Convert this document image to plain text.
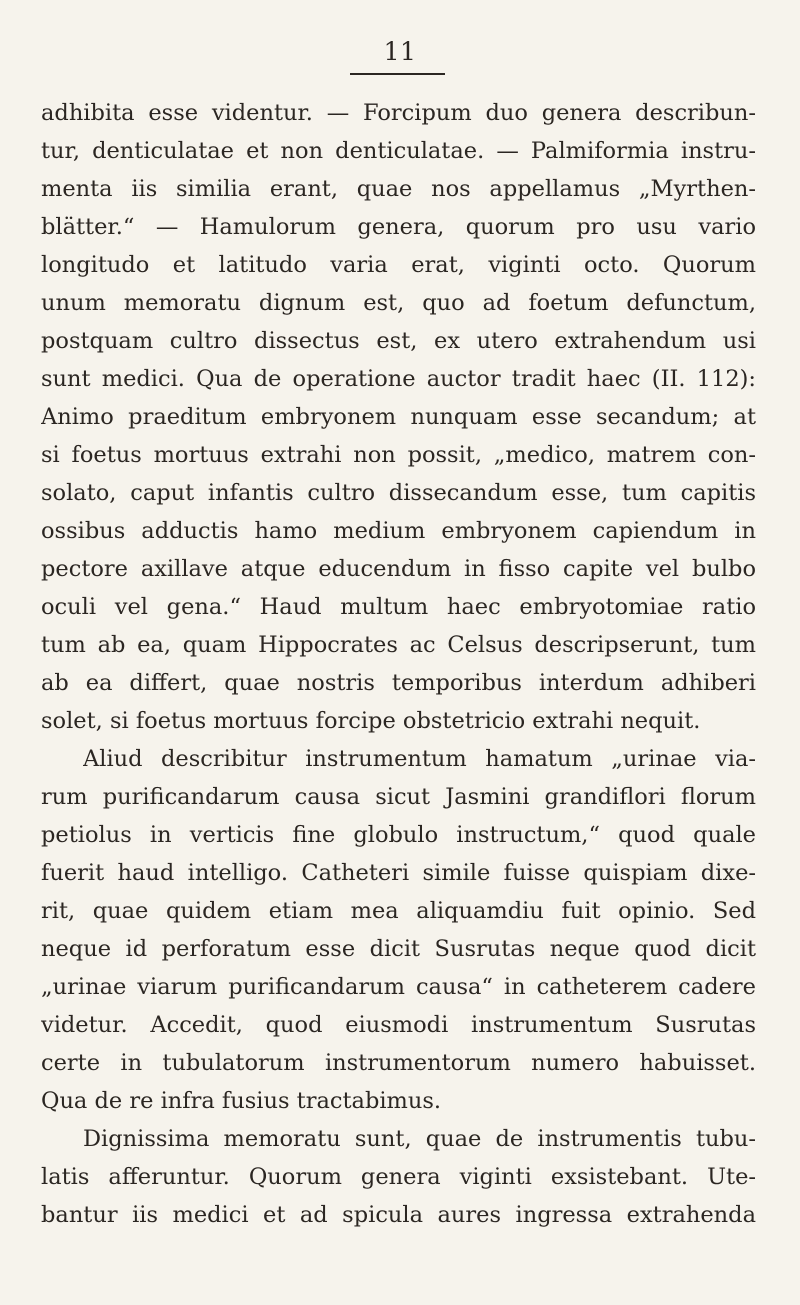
11
adhibita esse videntur. — Forcipum duo genera describun-
tur, denticulatae et non denticulatae. — Palmiformia instru-
menta iis similia erant, quae nos appellamus „Myrthen-
blätter.“ — Hamulorum genera, quorum pro usu vario
longitudo et latitudo varia erat, viginti octo. Quorum
unum memoratu dignum est, quo ad foetum defunctum,
postquam cultro dissectus est, ex utero extrahendum usi
sunt medici. Qua de operatione auctor tradit haec (II. 112):
Animo praeditum embryonem nunquam esse secandum; at
si foetus mortuus extrahi non possit, „medico, matrem con-
solato, caput infantis cultro dissecandum esse, tum capitis
ossibus adductis hamo medium embryonem capiendum in
pectore axillave atque educendum in fisso capite vel bulbo
oculi vel gena.“ Haud multum haec embryotomiae ratio
tum ab ea, quam Hippocrates ac Celsus descripserunt, tum
ab ea differt, quae nostris temporibus interdum adhiberi
solet, si foetus mortuus forcipe obstetricio extrahi nequit.
Aliud describitur instrumentum hamatum „urinae via-
rum purificandarum causa sicut Jasmini grandiflori florum
petiolus in verticis fine globulo instructum,“ quod quale
fuerit haud intelligo. Catheteri simile fuisse quispiam dixe-
rit, quae quidem etiam mea aliquamdiu fuit opinio. Sed
neque id perforatum esse dicit Susrutas neque quod dicit
„urinae viarum purificandarum causa“ in catheterem cadere
videtur. Accedit, quod eiusmodi instrumentum Susrutas
certe in tubulatorum instrumentorum numero habuisset.
Qua de re infra fusius tractabimus.
Dignissima memoratu sunt, quae de instrumentis tubu-
latis afferuntur. Quorum genera viginti exsistebant. Ute-
bantur iis medici et ad spicula aures ingressa extrahenda
